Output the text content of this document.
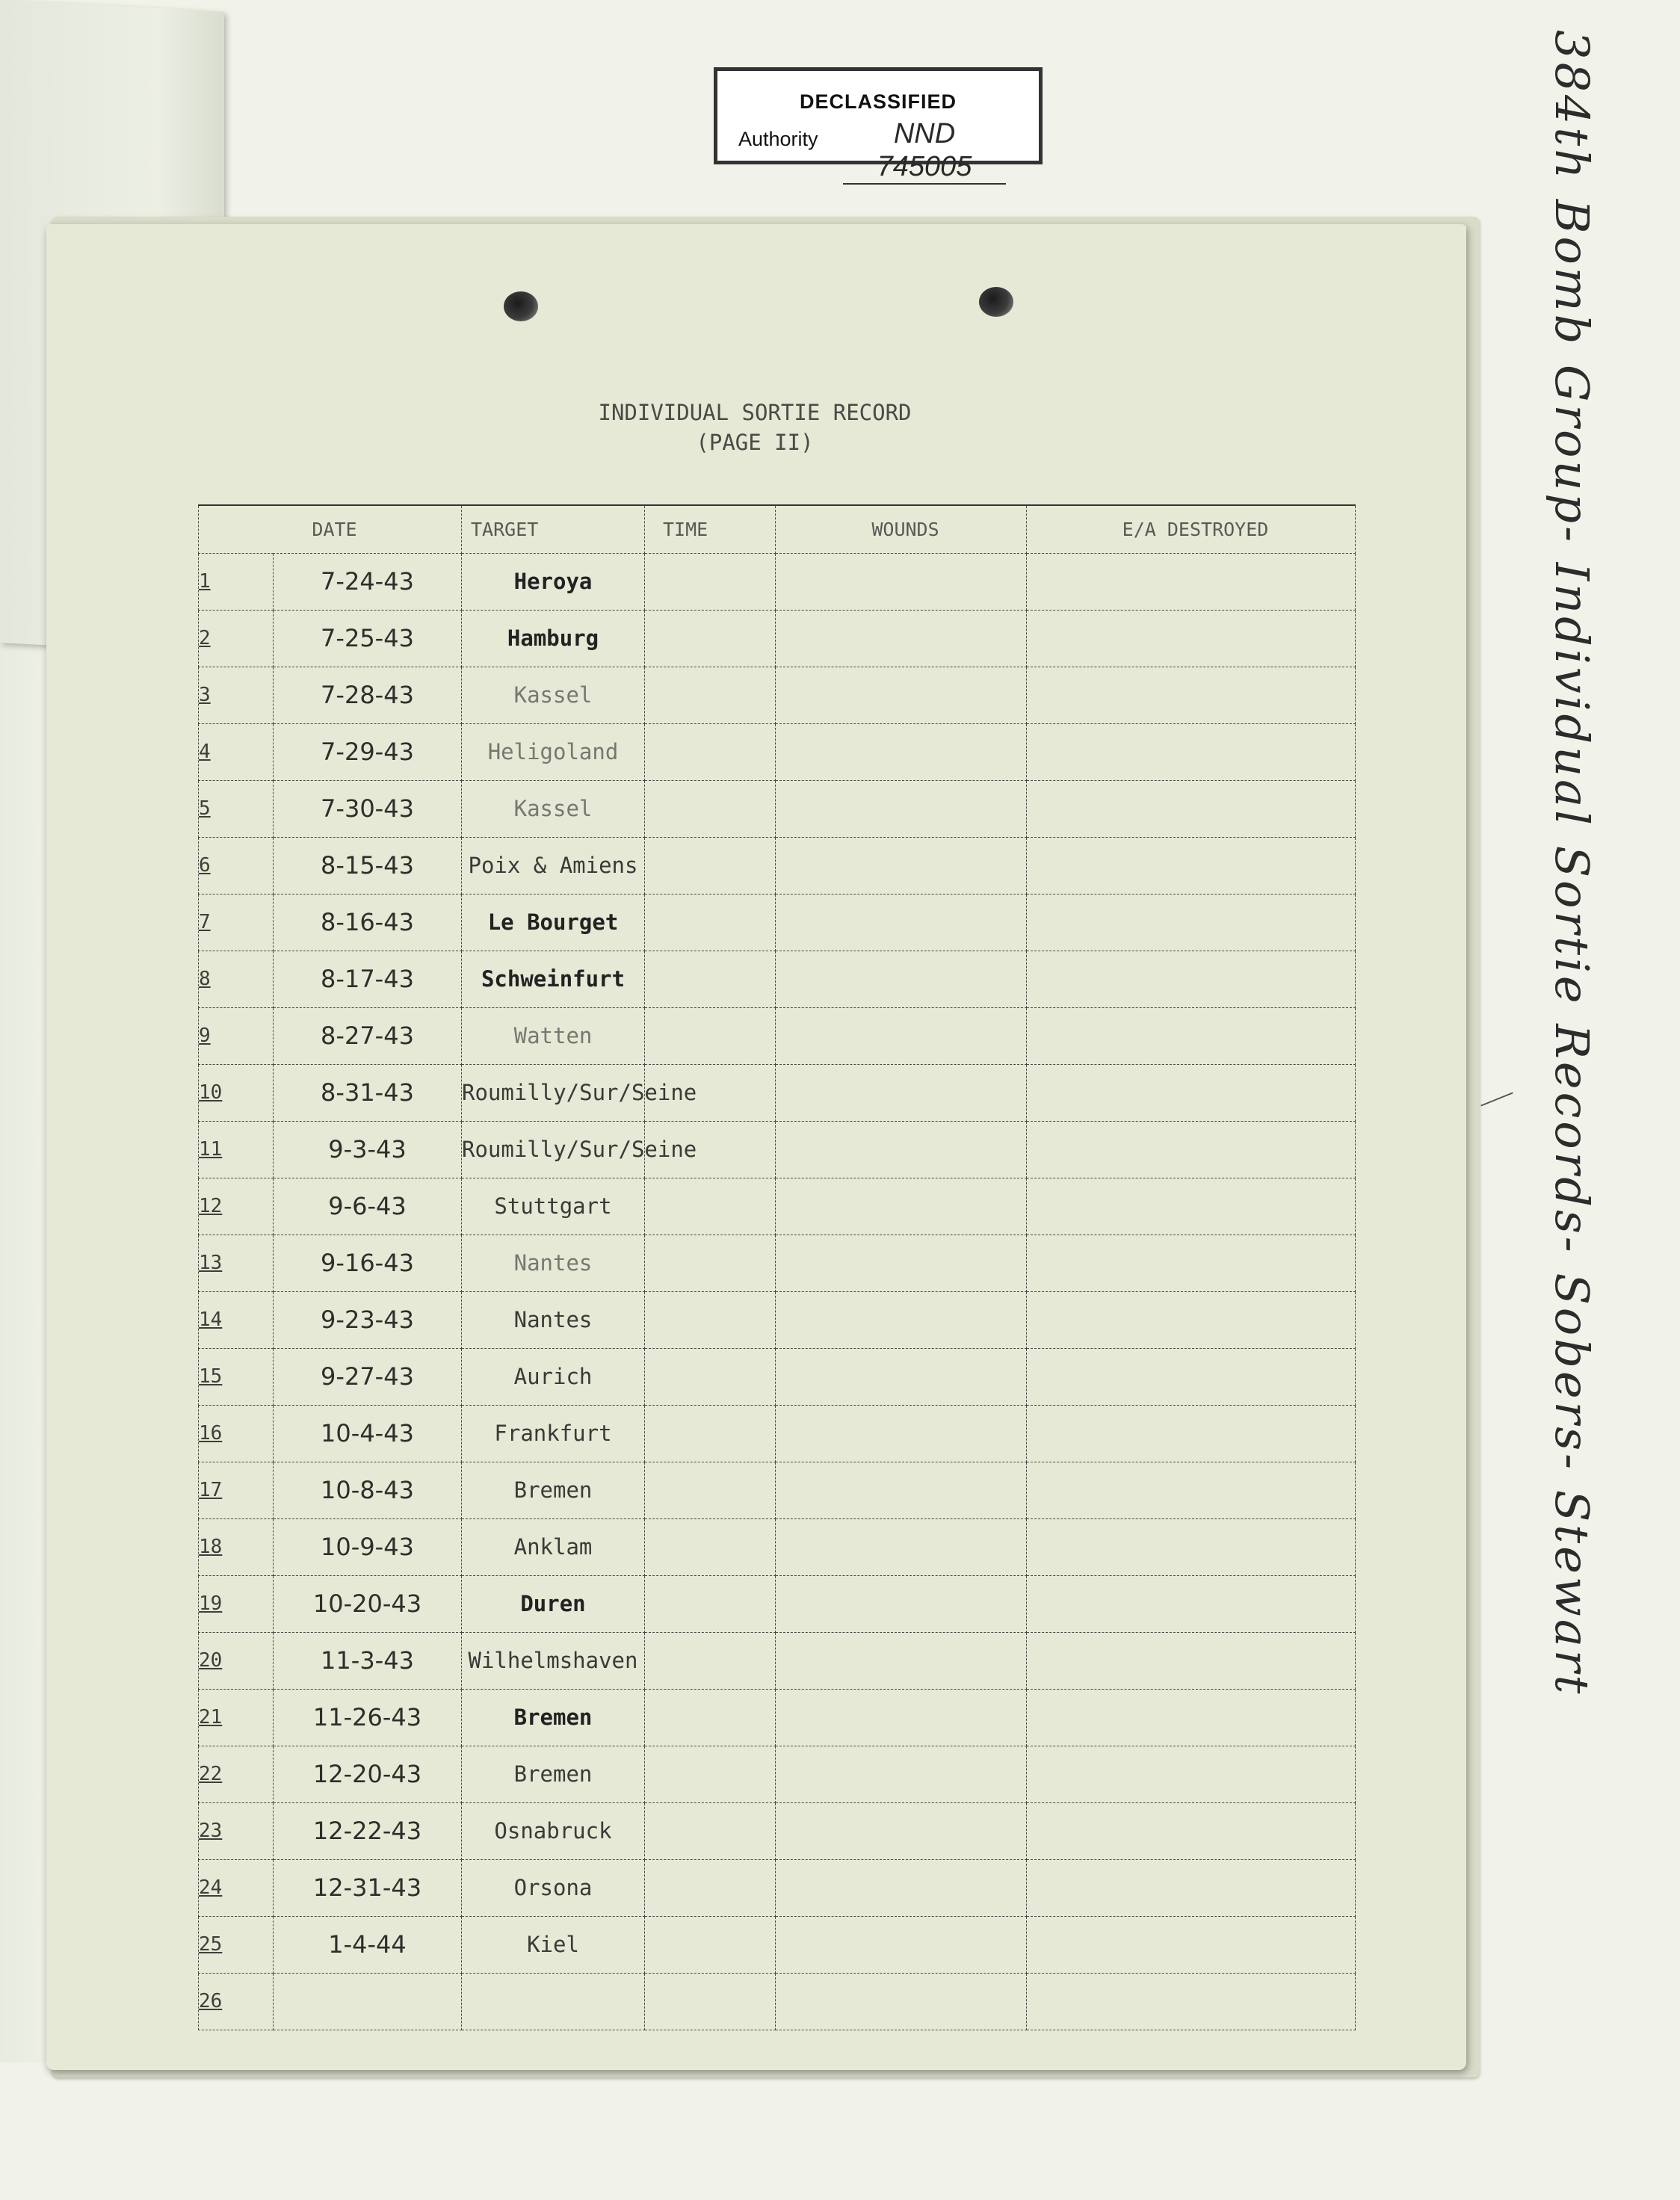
DECLASSIFIED
Authority	NND 745005	384th Bomb Group- Individual Sortie Records- Sobers- Stewart
INDIVIDUAL SORTIE RECORD
(PAGE II)
DATE		TARGET	TIME	WOUNDS	E/A DESTROYED
1	7-24-43	Heroya			
2	7-25-43	Hamburg			
3	7-28-43	Kassel			
4	7-29-43	Heligoland			
5	7-30-43	Kassel			
6	8-15-43	Poix & Amiens			
7	8-16-43	Le Bourget			
8	8-17-43	Schweinfurt			
9	8-27-43	Watten			
10	8-31-43	Roumilly/Sur/Seine			
11	9-3-43	Roumilly/Sur/Seine			
12	9-6-43	Stuttgart			
13	9-16-43	Nantes			
14	9-23-43	Nantes			
15	9-27-43	Aurich			
16	10-4-43	Frankfurt			
17	10-8-43	Bremen			
18	10-9-43	Anklam			
19	10-20-43	Duren			
20	11-3-43	Wilhelmshaven			
21	11-26-43	Bremen			
22	12-20-43	Bremen			
23	12-22-43	Osnabruck			
24	12-31-43	Orsona			
25	1-4-44	Kiel			
26					
